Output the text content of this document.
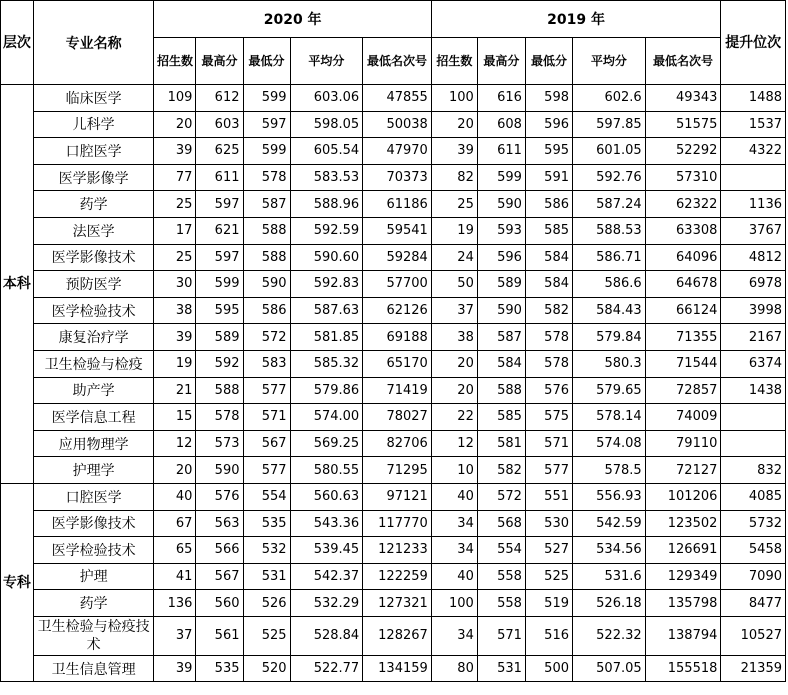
层次	专业名称	2020 年					2019 年					提升位次
		招生数	最高分	最低分	平均分	最低名次号	招生数	最高分	最低分	平均分	最低名次号	
本科	临床医学	109	612	599	603.06	47855	100	616	598	602.6	49343	1488
	儿科学	20	603	597	598.05	50038	20	608	596	597.85	51575	1537
	口腔医学	39	625	599	605.54	47970	39	611	595	601.05	52292	4322
	医学影像学	77	611	578	583.53	70373	82	599	591	592.76	57310	
	药学	25	597	587	588.96	61186	25	590	586	587.24	62322	1136
	法医学	17	621	588	592.59	59541	19	593	585	588.53	63308	3767
	医学影像技术	25	597	588	590.60	59284	24	596	584	586.71	64096	4812
	预防医学	30	599	590	592.83	57700	50	589	584	586.6	64678	6978
	医学检验技术	38	595	586	587.63	62126	37	590	582	584.43	66124	3998
	康复治疗学	39	589	572	581.85	69188	38	587	578	579.84	71355	2167
	卫生检验与检疫	19	592	583	585.32	65170	20	584	578	580.3	71544	6374
	助产学	21	588	577	579.86	71419	20	588	576	579.65	72857	1438
	医学信息工程	15	578	571	574.00	78027	22	585	575	578.14	74009	
	应用物理学	12	573	567	569.25	82706	12	581	571	574.08	79110	
	护理学	20	590	577	580.55	71295	10	582	577	578.5	72127	832
专科	口腔医学	40	576	554	560.63	97121	40	572	551	556.93	101206	4085
	医学影像技术	67	563	535	543.36	117770	34	568	530	542.59	123502	5732
	医学检验技术	65	566	532	539.45	121233	34	554	527	534.56	126691	5458
	护理	41	567	531	542.37	122259	40	558	525	531.6	129349	7090
	药学	136	560	526	532.29	127321	100	558	519	526.18	135798	8477
	卫生检验与检疫技术	37	561	525	528.84	128267	34	571	516	522.32	138794	10527
	卫生信息管理	39	535	520	522.77	134159	80	531	500	507.05	155518	21359
